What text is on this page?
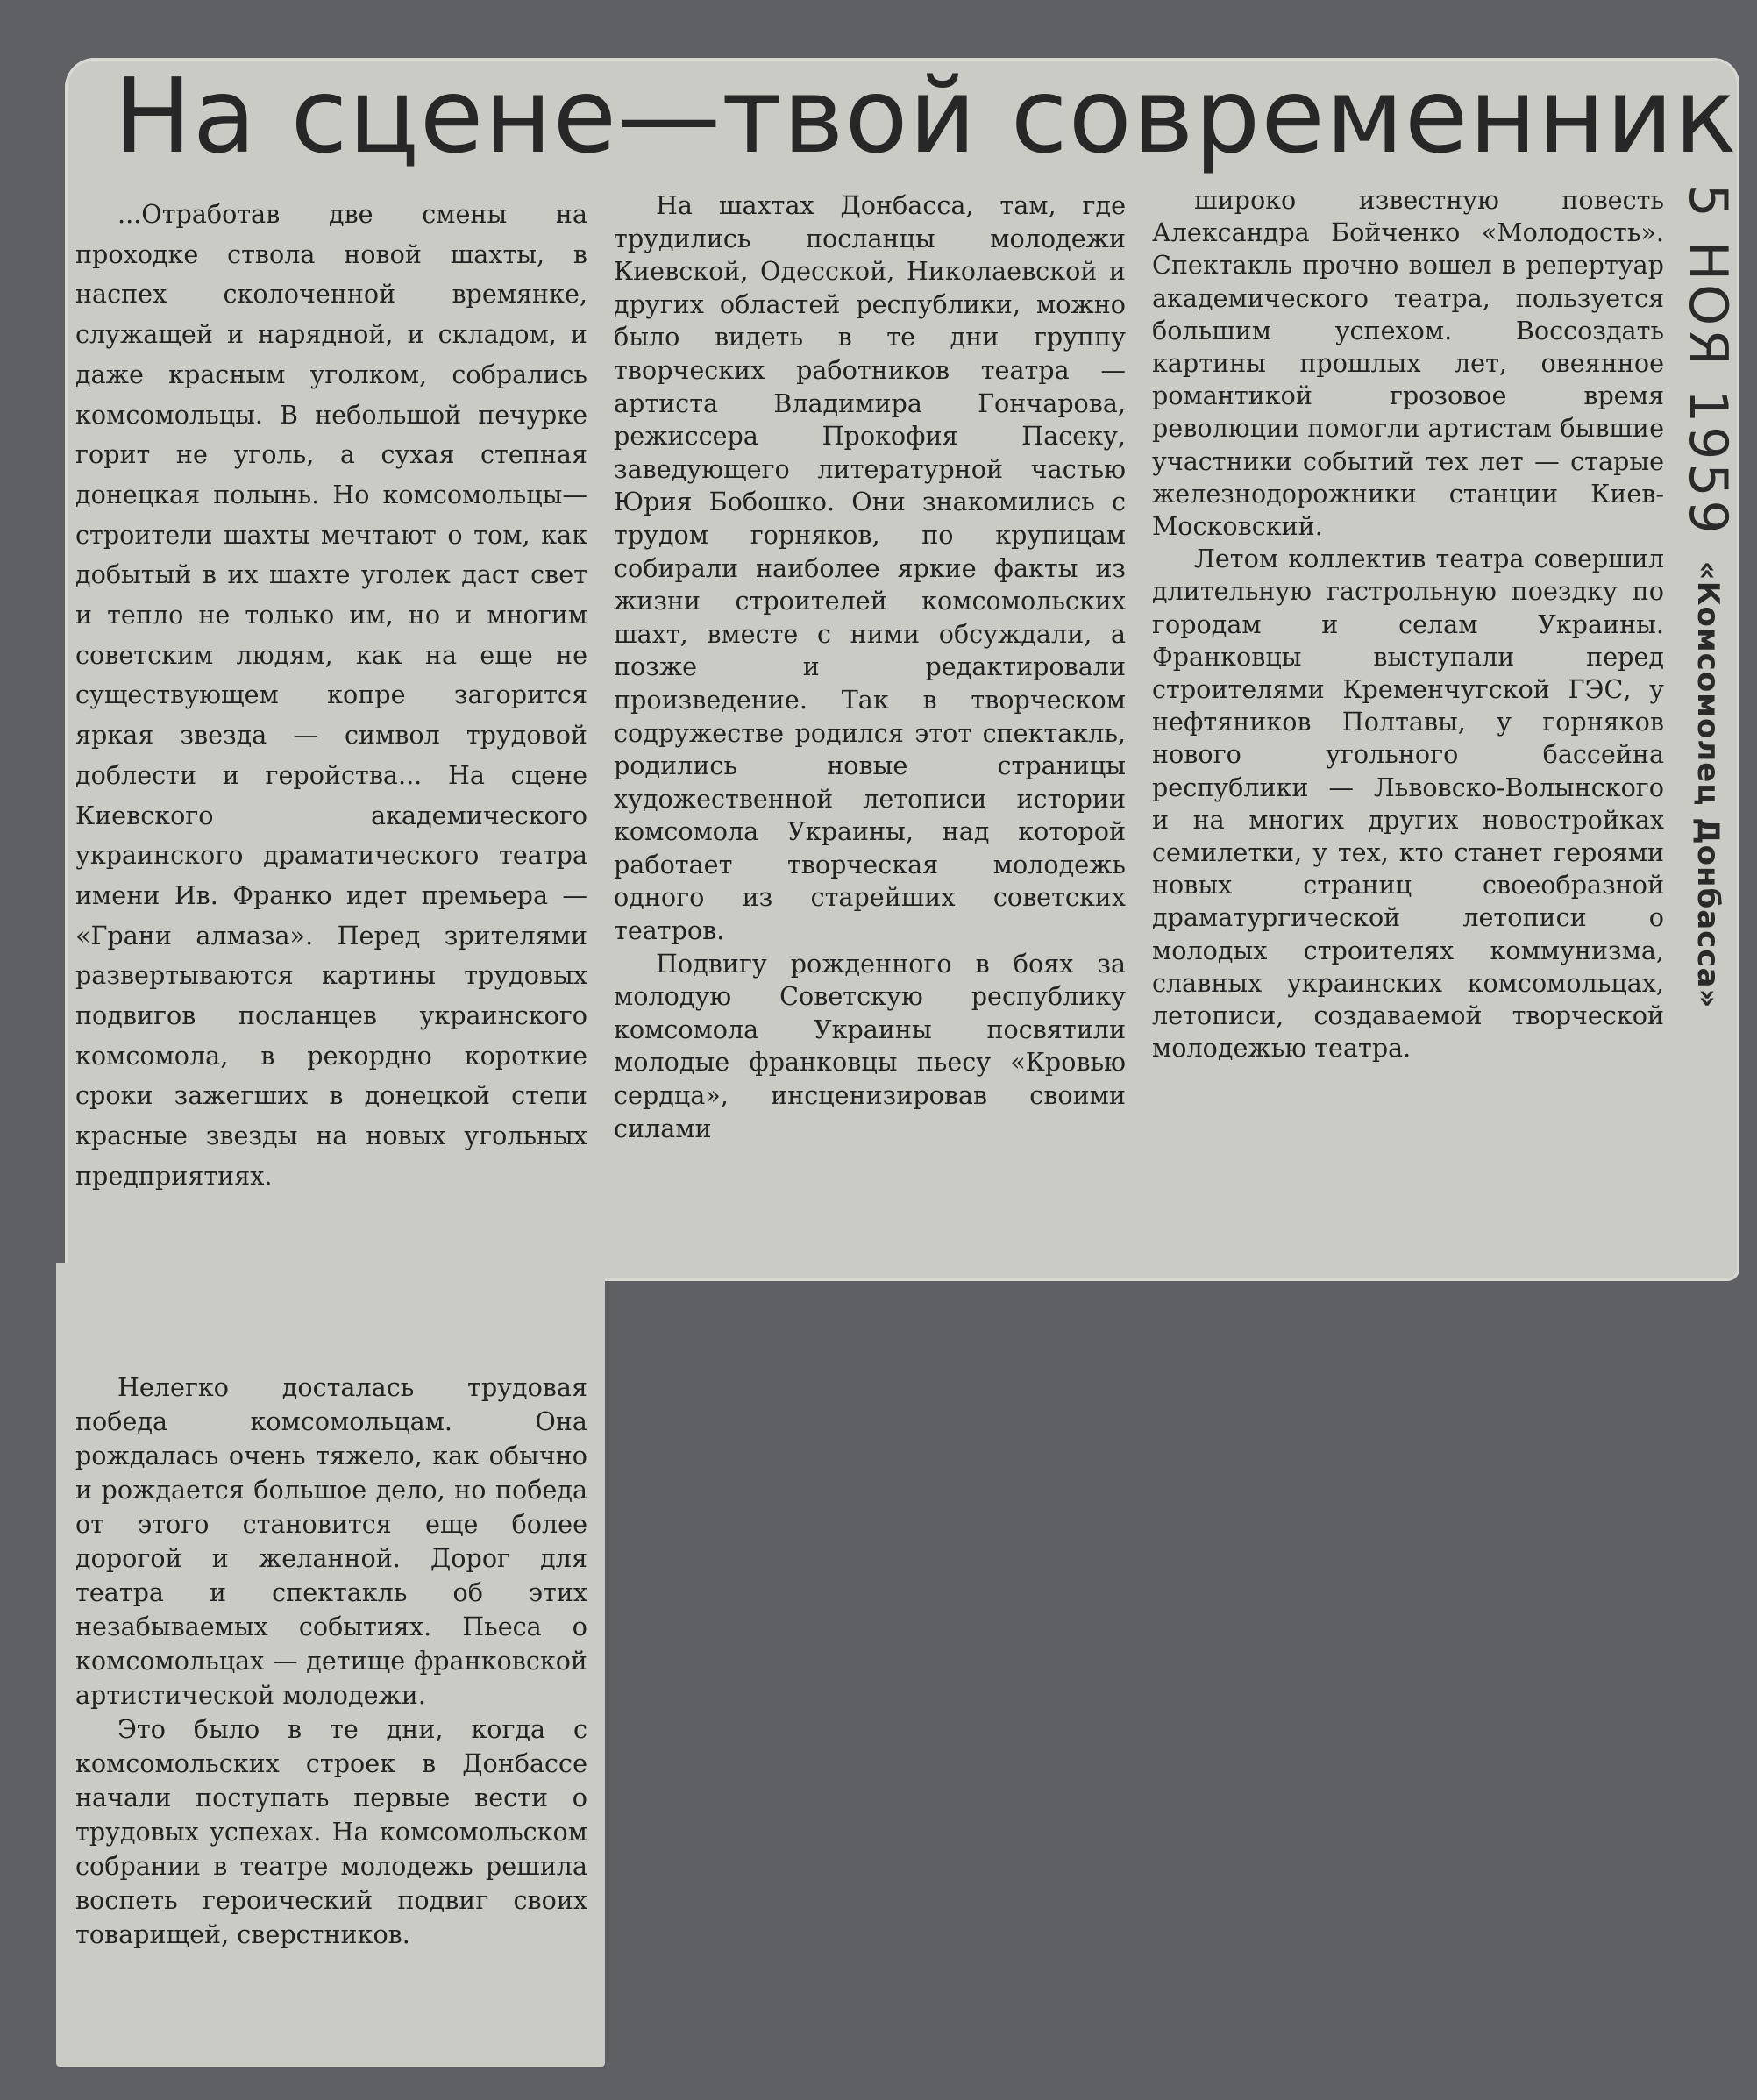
На сцене—твой современник

...Отработав две смены на проходке ствола новой шахты, в наспех сколоченной времянке, служащей и нарядной, и складом, и даже красным уголком, собрались комсомольцы. В небольшой печурке горит не уголь, а сухая степная донецкая полынь. Но комсомольцы—строители шахты мечтают о том, как добытый в их шахте уголек даст свет и тепло не только им, но и многим советским людям, как на еще не существующем копре загорится яркая звезда — символ трудовой доблести и геройства... На сцене Киевского академического украинского драматического театра имени Ив. Франко идет премьера — «Грани алмаза». Перед зрителями развертываются картины трудовых подвигов посланцев украинского комсомола, в рекордно короткие сроки зажегших в донецкой степи красные звезды на новых угольных предприятиях.

Нелегко досталась трудовая победа комсомольцам. Она рождалась очень тяжело, как обычно и рождается большое дело, но победа от этого становится еще более дорогой и желанной. Дорог для театра и спектакль об этих незабываемых событиях. Пьеса о комсомольцах — детище франковской артистической молодежи.

Это было в те дни, когда с комсомольских строек в Донбассе начали поступать первые вести о трудовых успехах. На комсомольском собрании в театре молодежь решила воспеть героический подвиг своих товарищей, сверстников.

На шахтах Донбасса, там, где трудились посланцы молодежи Киевской, Одесской, Николаевской и других областей республики, можно было видеть в те дни группу творческих работников театра — артиста Владимира Гончарова, режиссера Прокофия Пасеку, заведующего литературной частью Юрия Бобошко. Они знакомились с трудом горняков, по крупицам собирали наиболее яркие факты из жизни строителей комсомольских шахт, вместе с ними обсуждали, а позже и редактировали произведение. Так в творческом содружестве родился этот спектакль, родились новые страницы художественной летописи истории комсомола Украины, над которой работает творческая молодежь одного из старейших советских театров.

Подвигу рожденного в боях за молодую Советскую республику комсомола Украины посвятили молодые франковцы пьесу «Кровью сердца», инсценизировав своими силами

широко известную повесть Александра Бойченко «Молодость». Спектакль прочно вошел в репертуар академического театра, пользуется большим успехом. Воссоздать картины прошлых лет, овеянное романтикой грозовое время революции помогли артистам бывшие участники событий тех лет — старые железнодорожники станции Киев-Московский.

Летом коллектив театра совершил длительную гастрольную поездку по городам и селам Украины. Франковцы выступали перед строителями Кременчугской ГЭС, у нефтяников Полтавы, у горняков нового угольного бассейна республики — Львовско-Волынского и на многих других новостройках семилетки, у тех, кто станет героями новых страниц своеобразной драматургической летописи о молодых строителях коммунизма, славных украинских комсомольцах, летописи, создаваемой творческой молодежью театра.

5 НОЯ 1959 «Комсомолец Донбасса»
